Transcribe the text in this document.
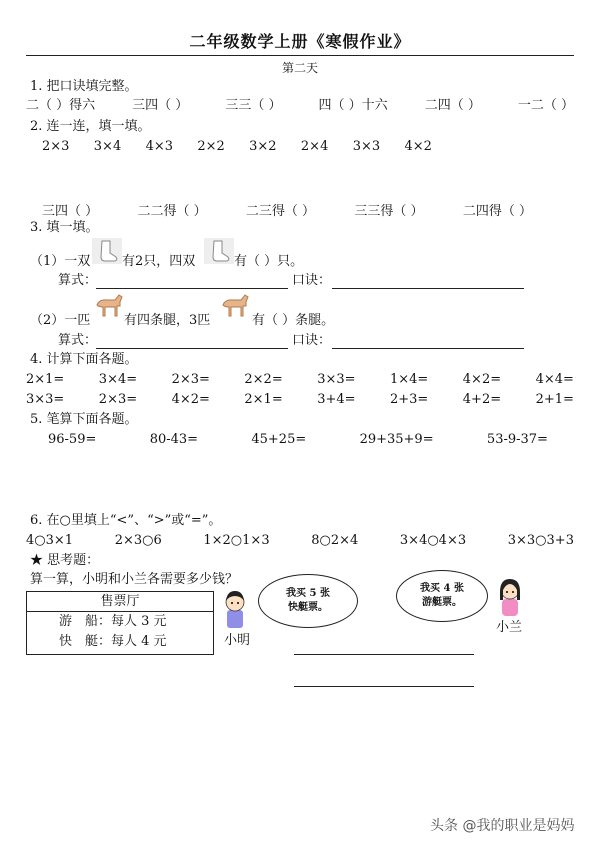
二年级数学上册《寒假作业》
第二天
1. 把口诀填完整。
二（ ）得六	三四（ ）	三三（ ）	四（ ）十六	二四（ ）	一二（ ）
2. 连一连，填一填。
2×3 3×4 4×3 2×2 3×2 2×4 3×3 4×2
三四（ ）	二二得（ ）	二三得（ ）	三三得（ ）	二四得（ ）
3. 填一填。
（1）一双 有2只，四双	有（ ）只。
算式：	口诀：
（2）一匹	有四条腿，3匹	有（ ）条腿。
算式：	口诀：
4. 计算下面各题。
2×1=	3×4=	2×3=	2×2=	3×3=	1×4=	4×2=	4×4=
3×3=	2×3=	4×2=	2×1=	3+4=	2+3=	4+2=	2+1=
5. 笔算下面各题。
96-59=	80-43=	45+25=	29+35+9=	53-9-37=
6. 在○里填上“<”、“>”或“=”。
4○3×1	2×3○6	1×2○1×3	8○2×4	3×4○4×3	3×3○3+3
★ 思考题：
算一算，小明和小兰各需要多少钱？
售票厅
游　船：每人 3 元
快　艇：每人 4 元	小明
我买 5 张
快艇票。
我买 4 张
游艇票。
小兰
头条 @我的职业是妈妈
